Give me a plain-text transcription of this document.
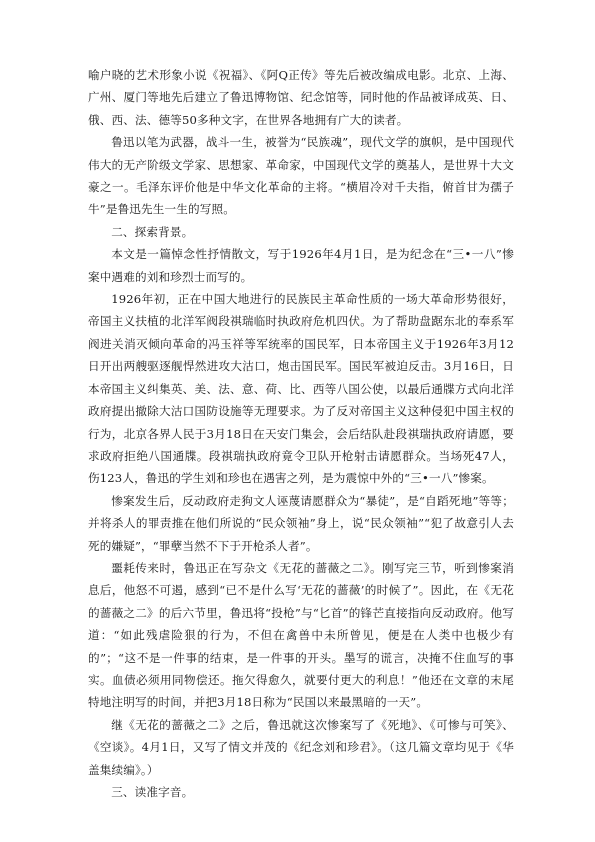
喻户晓的艺术形象小说《祝福》、《阿Q正传》等先后被改编成电影。北京、上海、广州、厦门等地先后建立了鲁迅博物馆、纪念馆等，同时他的作品被译成英、日、俄、西、法、德等50多种文字，在世界各地拥有广大的读者。

鲁迅以笔为武器，战斗一生，被誉为“民族魂”，现代文学的旗帜，是中国现代伟大的无产阶级文学家、思想家、革命家，中国现代文学的奠基人，是世界十大文豪之一。毛泽东评价他是中华文化革命的主将。“横眉冷对千夫指，俯首甘为孺子牛”是鲁迅先生一生的写照。

二、探索背景。

本文是一篇悼念性抒情散文，写于1926年4月1日，是为纪念在“三•一八”惨案中遇难的刘和珍烈士而写的。

1926年初，正在中国大地进行的民族民主革命性质的一场大革命形势很好，帝国主义扶植的北洋军阀段祺瑞临时执政府危机四伏。为了帮助盘踞东北的奉系军阀进关消灭倾向革命的冯玉祥等军统率的国民军，日本帝国主义于1926年3月12日开出两艘驱逐舰悍然进攻大沽口，炮击国民军。国民军被迫反击。3月16日，日本帝国主义纠集英、美、法、意、荷、比、西等八国公使，以最后通牒方式向北洋政府提出撤除大沽口国防设施等无理要求。为了反对帝国主义这种侵犯中国主权的行为，北京各界人民于3月18日在天安门集会，会后结队赴段祺瑞执政府请愿，要求政府拒绝八国通牒。段祺瑞执政府竟令卫队开枪射击请愿群众。当场死47人，伤123人，鲁迅的学生刘和珍也在遇害之列，是为震惊中外的“三•一八”惨案。

惨案发生后，反动政府走狗文人诬蔑请愿群众为“暴徒”，是“自蹈死地”等等；并将杀人的罪责推在他们所说的“民众领袖”身上，说“民众领袖”“犯了故意引人去死的嫌疑”，“罪孽当然不下于开枪杀人者”。

噩耗传来时，鲁迅正在写杂文《无花的蔷薇之二》。刚写完三节，听到惨案消息后，他怒不可遏，感到“已不是什么写‘无花的蔷薇’的时候了”。因此，在《无花的蔷薇之二》的后六节里，鲁迅将“投枪”与“匕首”的锋芒直接指向反动政府。他写道：“如此残虐险狠的行为，不但在禽兽中未所曾见，便是在人类中也极少有的”；“这不是一件事的结束，是一件事的开头。墨写的谎言，决掩不住血写的事实。血债必须用同物偿还。拖欠得愈久，就要付更大的利息！”他还在文章的末尾特地注明写的时间，并把3月18日称为“民国以来最黑暗的一天”。

继《无花的蔷薇之二》之后，鲁迅就这次惨案写了《死地》、《可惨与可笑》、《空谈》。4月1日，又写了情文并茂的《纪念刘和珍君》。（这几篇文章均见于《华盖集续编》。）

三、读准字音。
